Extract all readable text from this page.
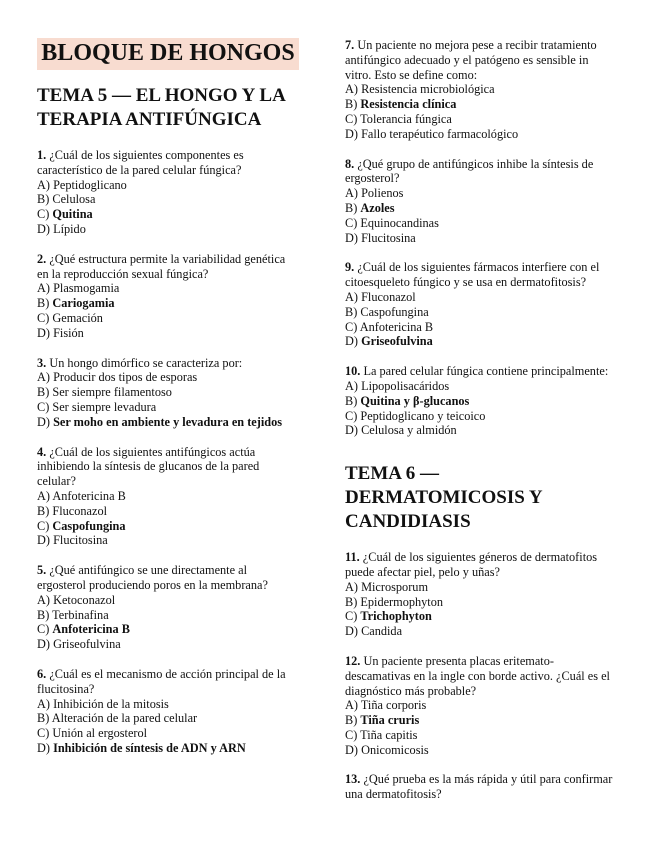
BLOQUE DE HONGOS
TEMA 5 — EL HONGO Y LA TERAPIA ANTIFÚNGICA
1. ¿Cuál de los siguientes componentes es característico de la pared celular fúngica?
A) Peptidoglicano
B) Celulosa
C) Quitina
D) Lípido
2. ¿Qué estructura permite la variabilidad genética en la reproducción sexual fúngica?
A) Plasmogamia
B) Cariogamia
C) Gemación
D) Fisión
3. Un hongo dimórfico se caracteriza por:
A) Producir dos tipos de esporas
B) Ser siempre filamentoso
C) Ser siempre levadura
D) Ser moho en ambiente y levadura en tejidos
4. ¿Cuál de los siguientes antifúngicos actúa inhibiendo la síntesis de glucanos de la pared celular?
A) Anfotericina B
B) Fluconazol
C) Caspofungina
D) Flucitosina
5. ¿Qué antifúngico se une directamente al ergosterol produciendo poros en la membrana?
A) Ketoconazol
B) Terbinafina
C) Anfotericina B
D) Griseofulvina
6. ¿Cuál es el mecanismo de acción principal de la flucitosina?
A) Inhibición de la mitosis
B) Alteración de la pared celular
C) Unión al ergosterol
D) Inhibición de síntesis de ADN y ARN
7. Un paciente no mejora pese a recibir tratamiento antifúngico adecuado y el patógeno es sensible in vitro. Esto se define como:
A) Resistencia microbiológica
B) Resistencia clínica
C) Tolerancia fúngica
D) Fallo terapéutico farmacológico
8. ¿Qué grupo de antifúngicos inhibe la síntesis de ergosterol?
A) Polienos
B) Azoles
C) Equinocandinas
D) Flucitosina
9. ¿Cuál de los siguientes fármacos interfiere con el citoesqueleto fúngico y se usa en dermatofitosis?
A) Fluconazol
B) Caspofungina
C) Anfotericina B
D) Griseofulvina
10. La pared celular fúngica contiene principalmente:
A) Lipopolisacáridos
B) Quitina y β-glucanos
C) Peptidoglicano y teicoico
D) Celulosa y almidón
TEMA 6 — DERMATOMICOSIS Y CANDIDIASIS
11. ¿Cuál de los siguientes géneros de dermatofitos puede afectar piel, pelo y uñas?
A) Microsporum
B) Epidermophyton
C) Trichophyton
D) Candida
12. Un paciente presenta placas eritemato-descamativas en la ingle con borde activo. ¿Cuál es el diagnóstico más probable?
A) Tiña corporis
B) Tiña cruris
C) Tiña capitis
D) Onicomicosis
13. ¿Qué prueba es la más rápida y útil para confirmar una dermatofitosis?
